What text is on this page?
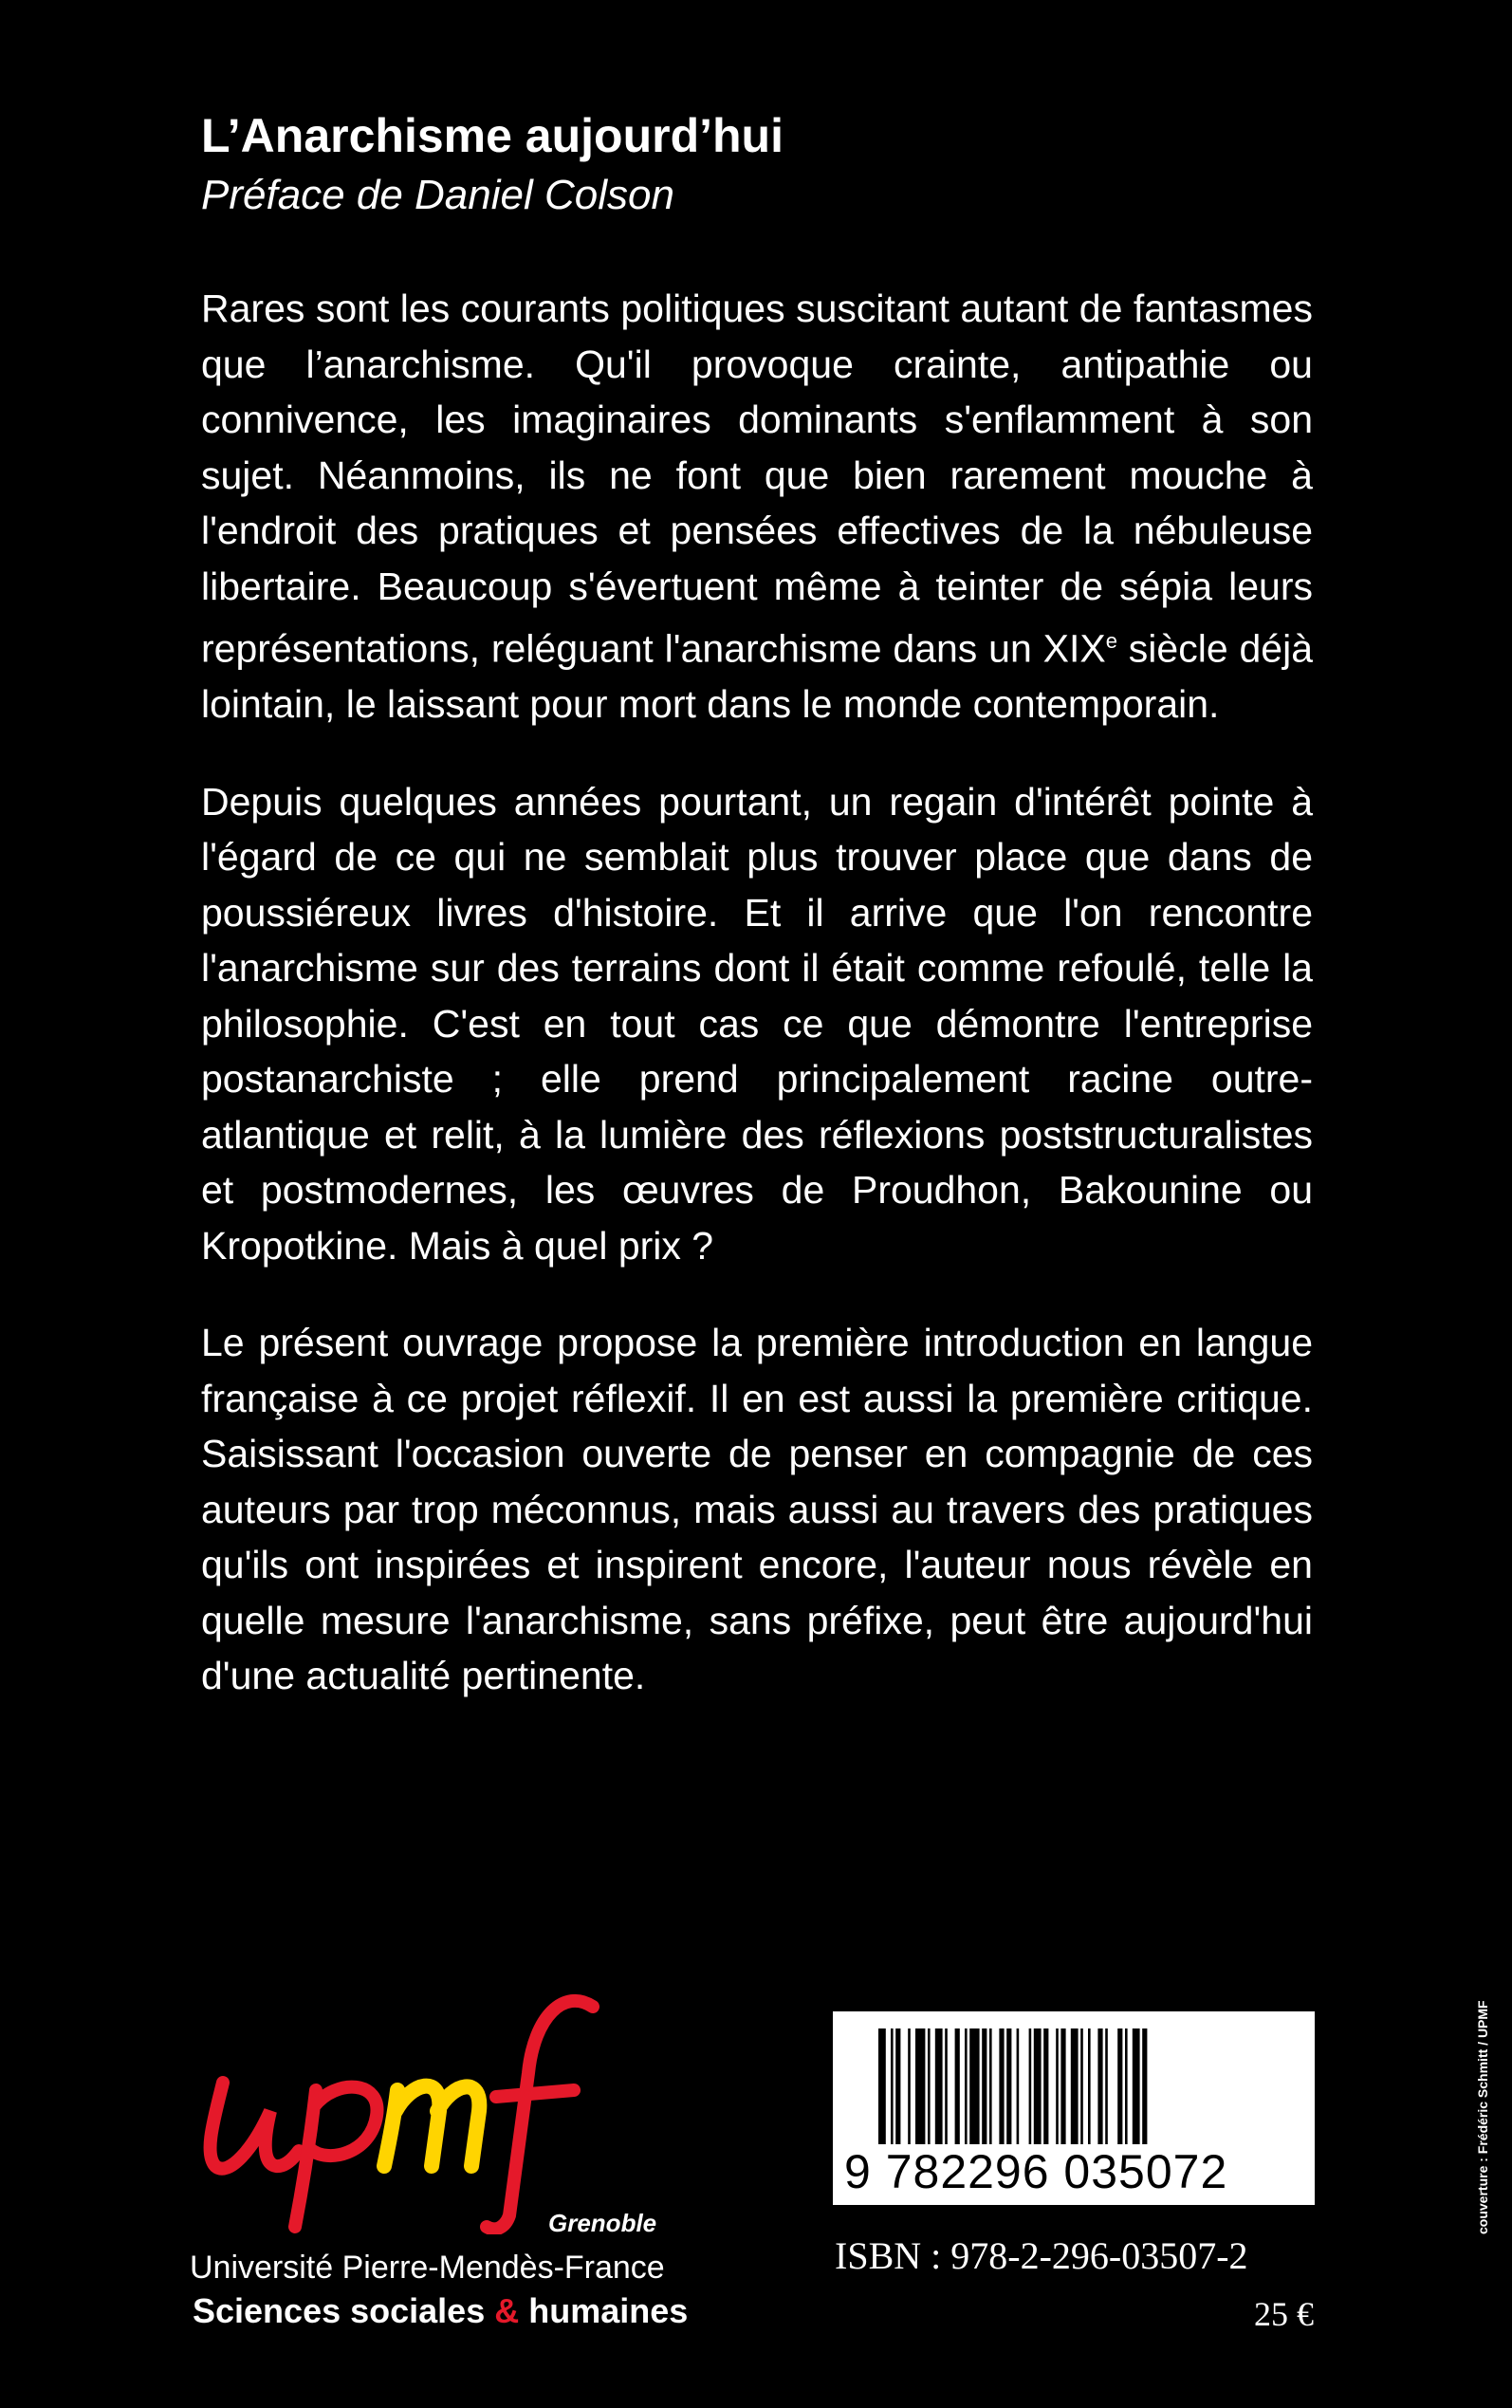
L’Anarchisme aujourd’hui
Préface de Daniel Colson

Rares sont les courants politiques suscitant autant de fantasmes que l’anarchisme. Qu'il provoque crainte, antipathie ou connivence, les imaginaires dominants s'enflamment à son sujet. Néanmoins, ils ne font que bien rarement mouche à l'endroit des pratiques et pensées effectives de la nébuleuse libertaire. Beaucoup s'évertuent même à teinter de sépia leurs représentations, reléguant l'anarchisme dans un XIXe siècle déjà lointain, le laissant pour mort dans le monde contemporain.

Depuis quelques années pourtant, un regain d'intérêt pointe à l'égard de ce qui ne semblait plus trouver place que dans de poussiéreux livres d'histoire. Et il arrive que l'on rencontre l'anarchisme sur des terrains dont il était comme refoulé, telle la philosophie. C'est en tout cas ce que démontre l'entreprise postanarchiste ; elle prend principalement racine outre-atlantique et relit, à la lumière des réflexions poststructuralistes et postmodernes, les œuvres de Proudhon, Bakounine ou Kropotkine. Mais à quel prix ?

Le présent ouvrage propose la première introduction en langue française à ce projet réflexif. Il en est aussi la première critique. Saisissant l'occasion ouverte de penser en compagnie de ces auteurs par trop méconnus, mais aussi au travers des pratiques qu'ils ont inspirées et inspirent encore, l'auteur nous révèle en quelle mesure l'anarchisme, sans préfixe, peut être aujourd'hui d'une actualité pertinente.

Grenoble
Université Pierre-Mendès-France
Sciences sociales & humaines
9 782296 035072
ISBN : 978-2-296-03507-2
25 €
couverture : Frédéric Schmitt / UPMF
